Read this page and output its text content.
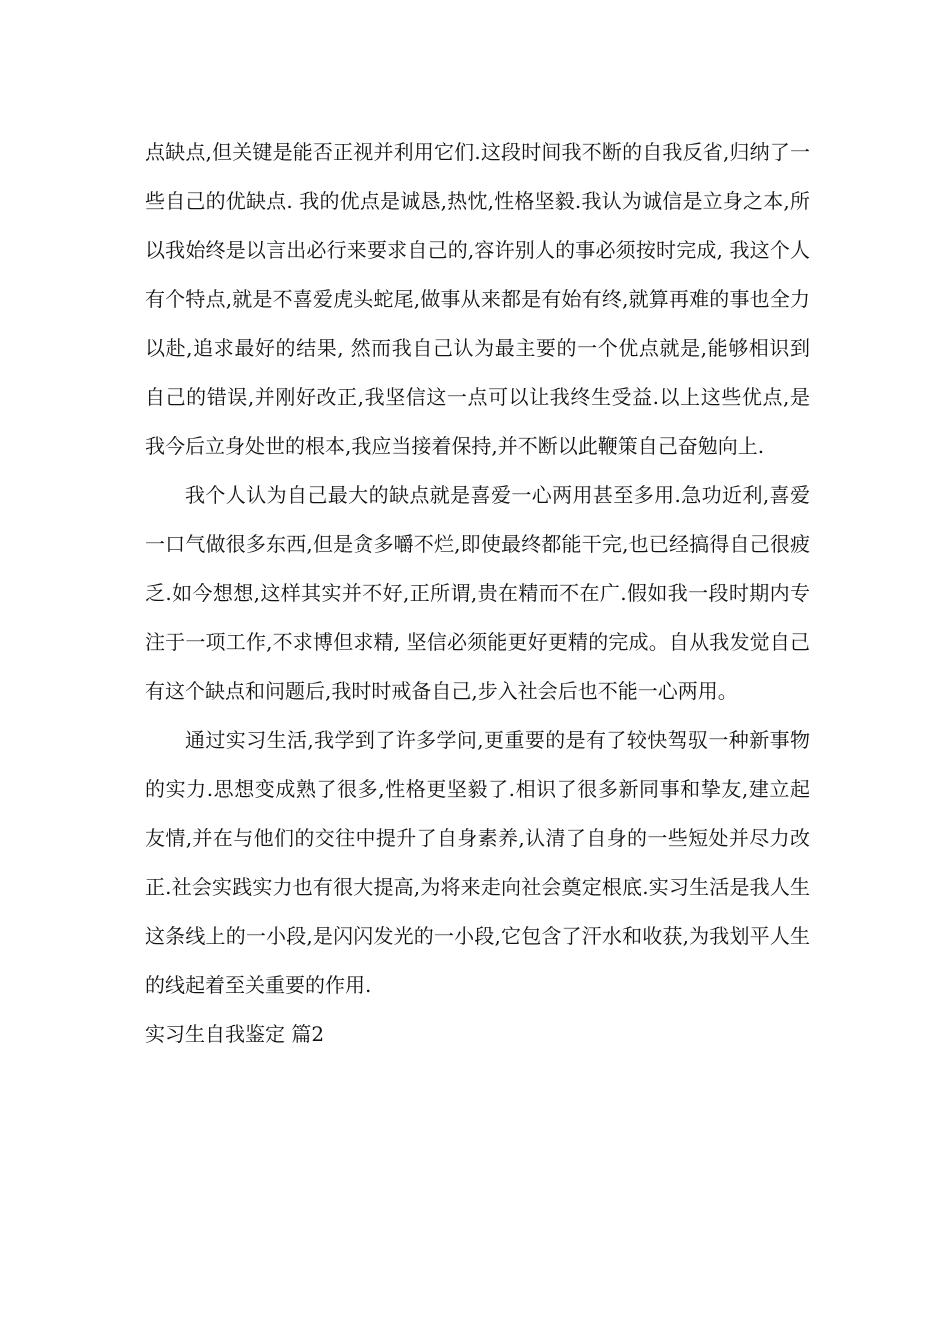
点缺点,但关键是能否正视并利用它们.这段时间我不断的自我反省,归纳了一些自己的优缺点. 我的优点是诚恳,热忱,性格坚毅.我认为诚信是立身之本,所以我始终是以言出必行来要求自己的,容许别人的事必须按时完成, 我这个人有个特点,就是不喜爱虎头蛇尾,做事从来都是有始有终,就算再难的事也全力以赴,追求最好的结果, 然而我自己认为最主要的一个优点就是,能够相识到自己的错误,并刚好改正,我坚信这一点可以让我终生受益.以上这些优点,是我今后立身处世的根本,我应当接着保持,并不断以此鞭策自己奋勉向上.

我个人认为自己最大的缺点就是喜爱一心两用甚至多用.急功近利,喜爱一口气做很多东西,但是贪多嚼不烂,即使最终都能干完,也已经搞得自己很疲乏.如今想想,这样其实并不好,正所谓,贵在精而不在广.假如我一段时期内专注于一项工作,不求博但求精, 坚信必须能更好更精的完成。自从我发觉自己有这个缺点和问题后,我时时戒备自己,步入社会后也不能一心两用。

通过实习生活,我学到了许多学问,更重要的是有了较快驾驭一种新事物的实力.思想变成熟了很多,性格更坚毅了.相识了很多新同事和挚友,建立起友情,并在与他们的交往中提升了自身素养,认清了自身的一些短处并尽力改正.社会实践实力也有很大提高,为将来走向社会奠定根底.实习生活是我人生这条线上的一小段,是闪闪发光的一小段,它包含了汗水和收获,为我划平人生的线起着至关重要的作用.

实习生自我鉴定 篇2
